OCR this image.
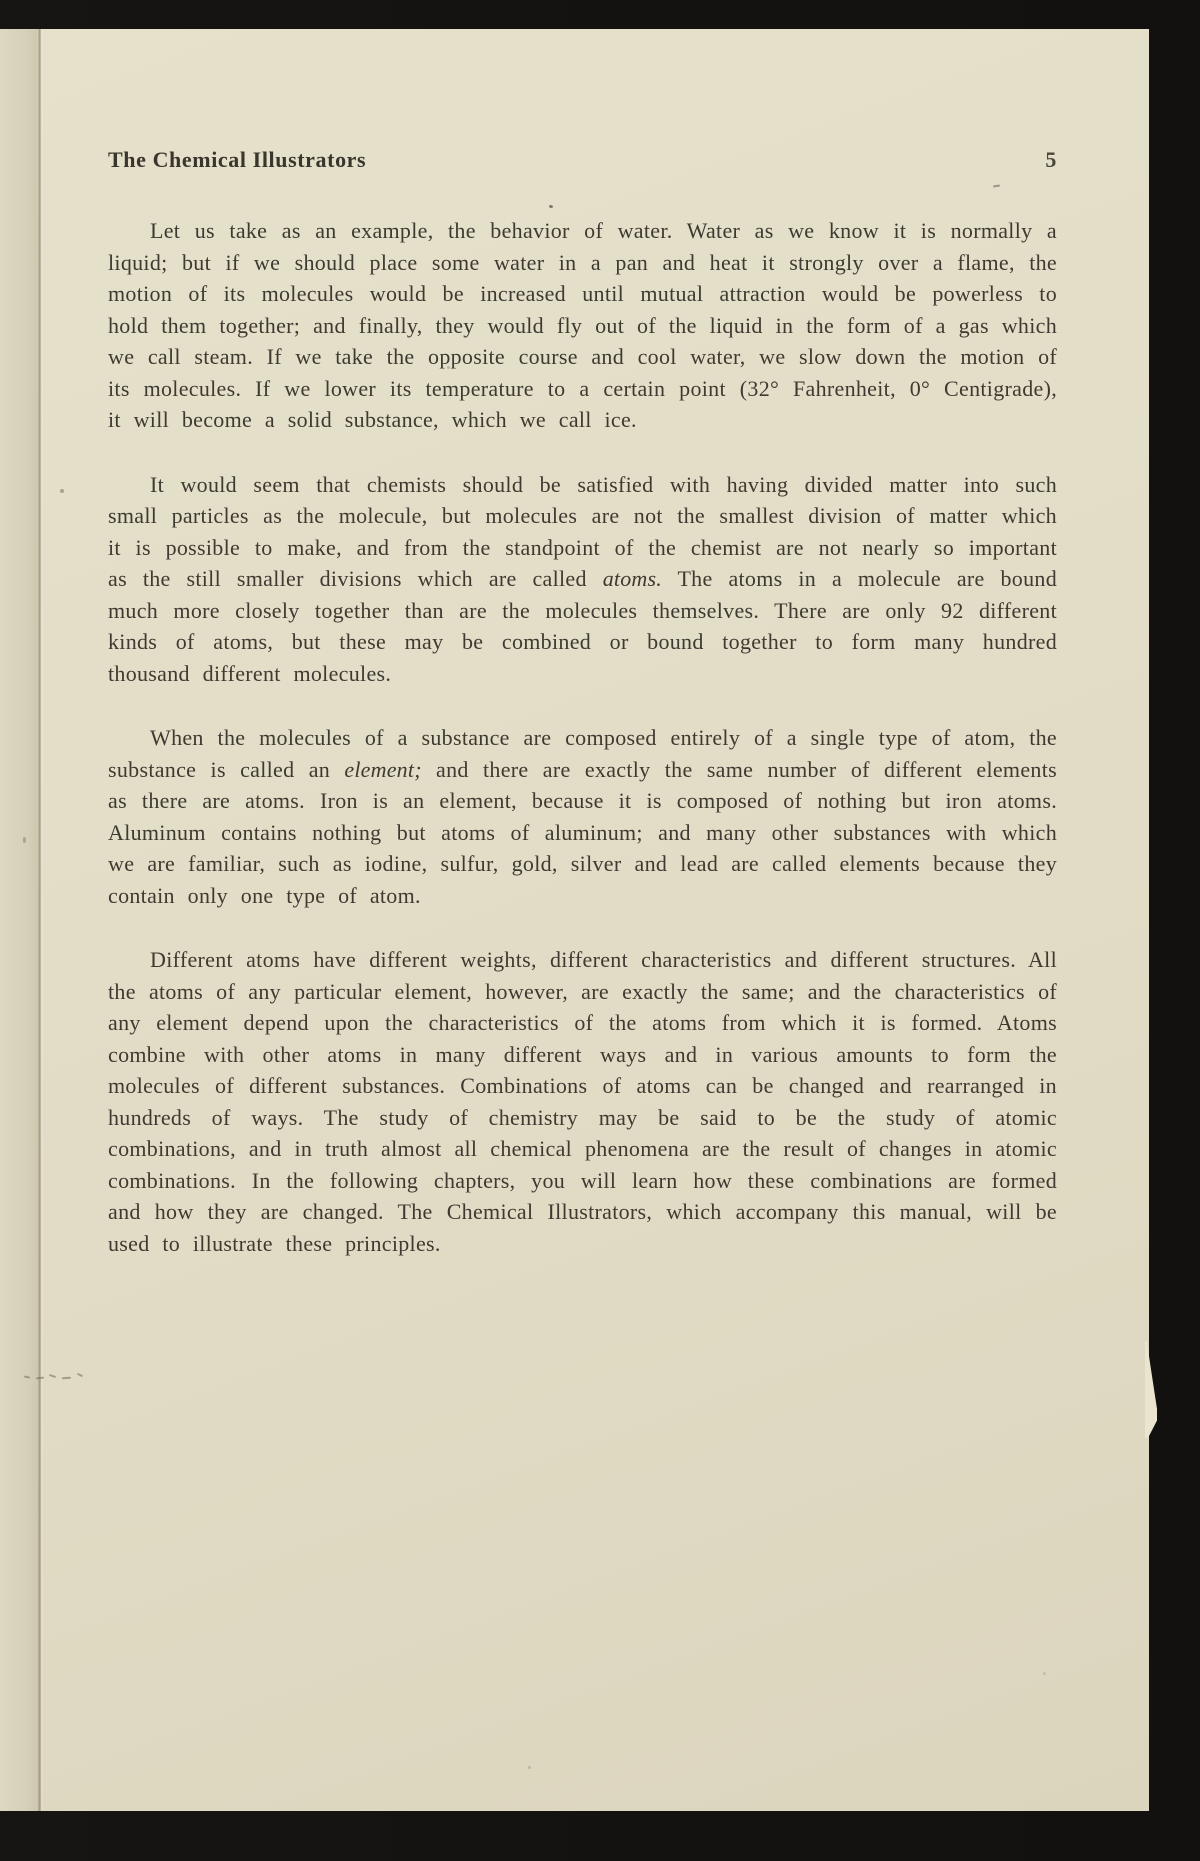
The Chemical Illustrators	5

Let us take as an example, the behavior of water. Water as we know it is normally a liquid; but if we should place some water in a pan and heat it strongly over a flame, the motion of its molecules would be increased until mutual attraction would be powerless to hold them together; and finally, they would fly out of the liquid in the form of a gas which we call steam. If we take the opposite course and cool water, we slow down the motion of its molecules. If we lower its temperature to a certain point (32° Fahrenheit, 0° Centigrade), it will become a solid substance, which we call ice.

It would seem that chemists should be satisfied with having divided matter into such small particles as the molecule, but molecules are not the smallest division of matter which it is possible to make, and from the standpoint of the chemist are not nearly so important as the still smaller divisions which are called atoms. The atoms in a molecule are bound much more closely together than are the molecules themselves. There are only 92 different kinds of atoms, but these may be combined or bound together to form many hundred thousand different molecules.

When the molecules of a substance are composed entirely of a single type of atom, the substance is called an element; and there are exactly the same number of different elements as there are atoms. Iron is an element, because it is composed of nothing but iron atoms. Aluminum contains nothing but atoms of aluminum; and many other substances with which we are familiar, such as iodine, sulfur, gold, silver and lead are called elements because they contain only one type of atom.

Different atoms have different weights, different characteristics and different structures. All the atoms of any particular element, however, are exactly the same; and the characteristics of any element depend upon the characteristics of the atoms from which it is formed. Atoms combine with other atoms in many different ways and in various amounts to form the molecules of different substances. Combinations of atoms can be changed and rearranged in hundreds of ways. The study of chemistry may be said to be the study of atomic combinations, and in truth almost all chemical phenomena are the result of changes in atomic combinations. In the following chapters, you will learn how these combinations are formed and how they are changed. The Chemical Illustrators, which accompany this manual, will be used to illustrate these principles.
